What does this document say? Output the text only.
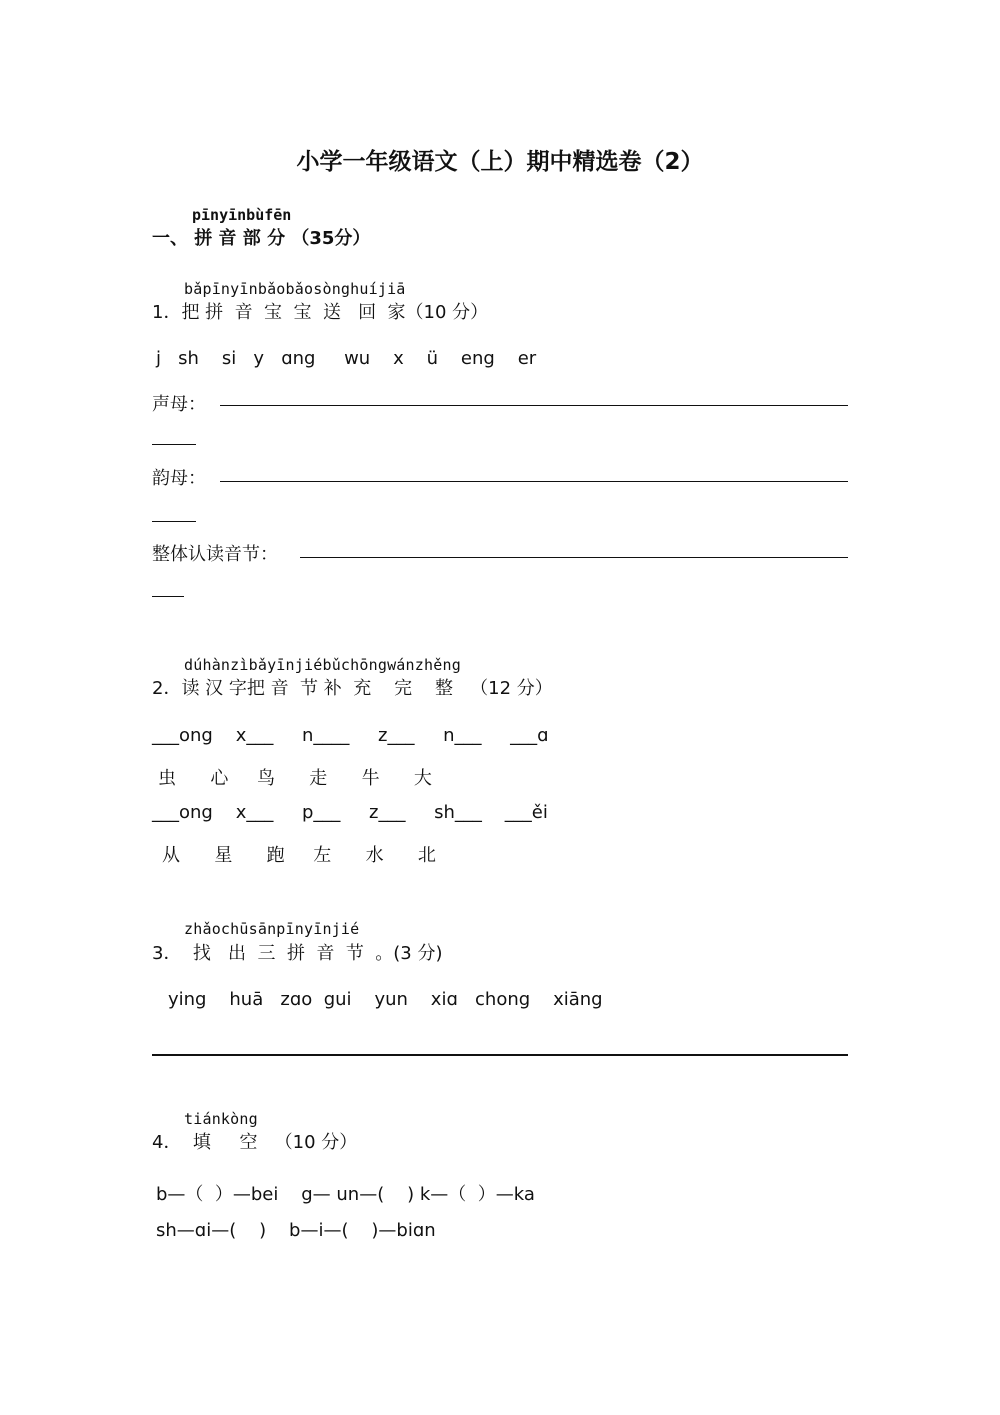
小学一年级语文（上）期中精选卷（2）
pīnyīnbùfēn
一、 拼 音 部 分 （35分）
bǎpīnyīnbǎobǎosònghuíjiā
1．把 拼  音  宝  宝  送   回  家（10 分）
j   sh    si   y   ɑng     wu    x    ü    eng    er
声母：
韵母：
整体认读音节：
dúhànzìbǎyīnjiébǔchōngwánzhěng
2．读 汉 字把 音  节 补  充    完    整   （12 分）
___ong    x___     n____     z___     n___     ___ɑ
虫      心     鸟      走      牛      大
___ong    x___     p___     z___     sh___    ___ěi
从      星      跑     左      水      北
zhǎochūsānpīnyīnjié
3．  找   出  三  拼  音  节  。(3 分)
ying    huā   zɑo  gui    yun    xiɑ   chong    xiāng
tiánkòng
4．  填     空   （10 分）
b—（  ）—bei    g— un—(    ) k—（  ）—ka
sh—ɑi—(    )    b—i—(    )—biɑn
